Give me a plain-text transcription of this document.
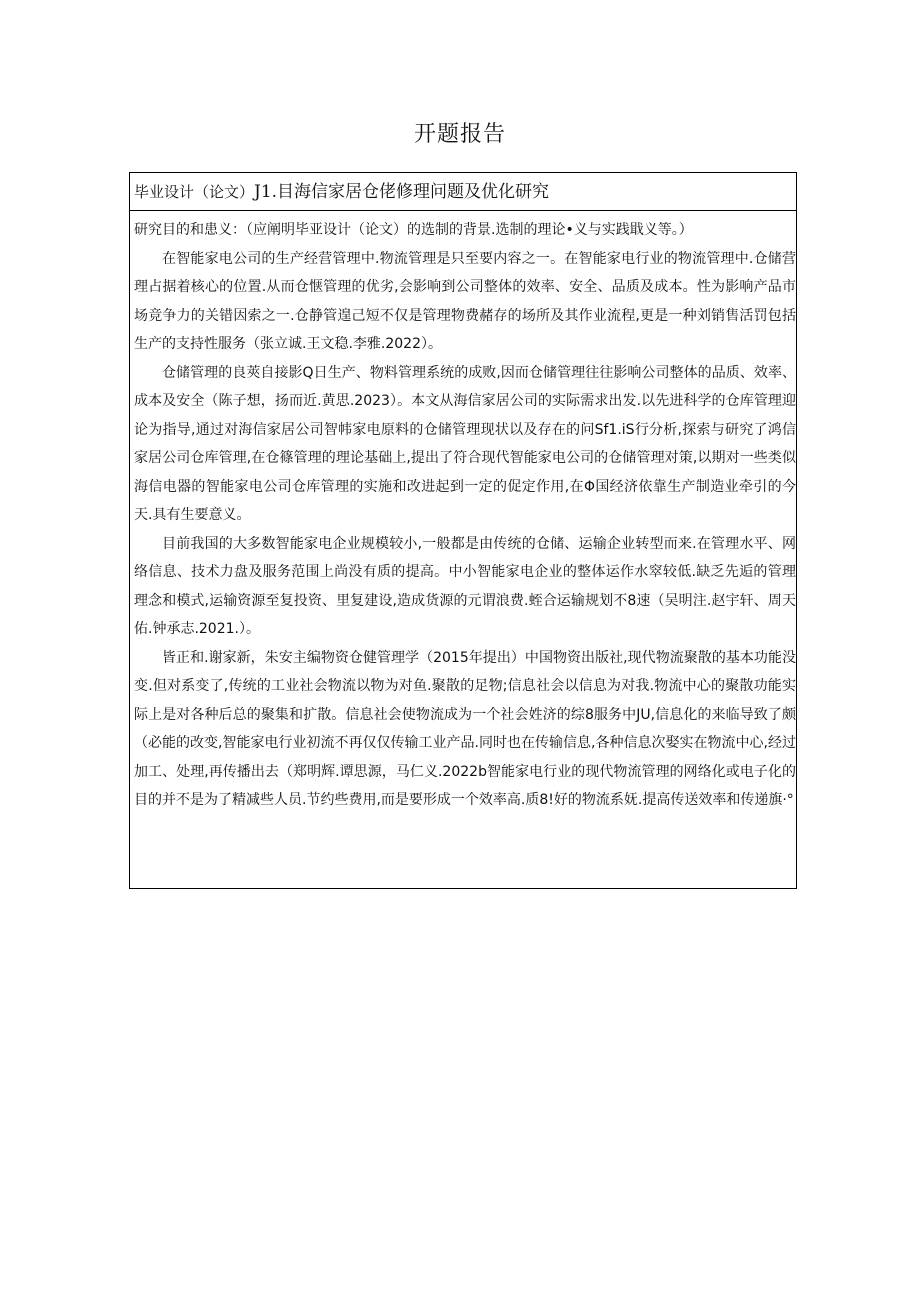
开题报告
毕业设计（论文）J1.目海信家居仓佬修理问题及优化研究
研究目的和患义：（应阐明毕亚设计（论文）的选制的背景.选制的理论•义与实践戢义等。）

在智能家电公司的生产经营管理中.物流管理是只至要内容之一。在智能家电行业的物流管理中.仓储营理占据着核心的位置.从而仓惬管理的优劣,会影响到公司整体的效率、安全、品质及成本。性为影响产品市场竞争力的关错因索之一.仓静管遑己短不仅是管理物费赭存的场所及其作业流程,更是一种刘销售活罚包括生产的支持性服务（张立诚.王文稳.李雅.2022）。

仓储管理的良莢自接影Q日生产、物料管理系统的成败,因而仓储管理往往影响公司整体的品质、效率、成本及安全（陈子想，扬而近.黄思.2023）。本文从海信家居公司的实际需求出发.以先进科学的仓库管理迎论为指导,通过对海信家居公司智帏家电原料的仓储管理现状以及存在的问Sf1.iS行分析,探索与研究了鸿信家居公司仓库管理,在仓篠管理的理论基础上,提出了符合现代智能家电公司的仓储管理对策,以期对一些类似海信电器的智能家电公司仓库管理的实施和改进起到一定的促定作用,在Φ国经济依靠生产制造业牵引的今天.具有生要意义。

目前我国的大多数智能家电企业规模较小,一般都是由传统的仓储、运输企业转型而来.在管理水平、网络信息、技术力盘及服务范围上尚没有质的提高。中小智能家电企业的整体运作水窣较低.缺乏先逅的管理理念和模式,运输资源至复投资、里复建设,造成货源的元谓浪费.蛭合运输规划不8速（吴明注.赵宇轩、周天佑.钟承志.2021.）。

皆正和.谢家新，朱安主编物资仓健管理学（2015年提出）中国物资出版社,现代物流聚散的基本功能没变.但对系变了,传统的工业社会物流以物为对鱼.聚散的足物;信息社会以信息为对我.物流中心的聚散功能实际上是对各种后总的聚集和扩散。信息社会使物流成为一个社会姓济的综8服务中JU,信息化的来临导致了颇（必能的改变,智能家电行业初流不再仅仅传输工业产品.同时也在传输信息,各种信息次娶实在物流中心,经过加工、处理,再传播出去（郑明辉.谭思源，马仁义.2022b智能家电行业的现代物流管理的网络化或电子化的目的并不是为了精减些人员.节约些费用,而是要形成一个效率高.质8!好的物流系妩.提高传送效率和传递旗·°
